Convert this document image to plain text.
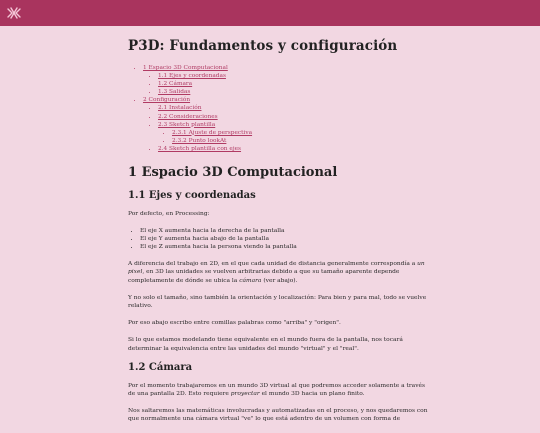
P3D: Fundamentos y configuración
• 1 Espacio 3D Computacional
• 1.1 Ejes y coordenadas
• 1.2 Cámara
• 1.3 Salidas
• 2 Configuración
• 2.1 Instalación
• 2.2 Consideraciones
• 2.3 Sketch plantilla
• 2.3.1 Ajuste de perspectiva
• 2.3.2 Punto lookAt
• 2.4 Sketch plantilla con ejes
1 Espacio 3D Computacional
1.1 Ejes y coordenadas

Por defecto, en Processing:

• El eje X aumenta hacia la derecha de la pantalla
• El eje Y aumenta hacia abajo de la pantalla
• El eje Z aumenta hacia la persona viendo la pantalla

A diferencia del trabajo en 2D, en el que cada unidad de distancia generalmente correspondía a un pixel, en 3D las unidades se vuelven arbitrarias debido a que su tamaño aparente depende completamente de dónde se ubica la cámara (ver abajo).

Y no solo el tamaño, sino también la orientación y localización: Para bien y para mal, todo se vuelve relativo.

Por eso abajo escribo entre comillas palabras como "arriba" y "origen".

Si lo que estamos modelando tiene equivalente en el mundo fuera de la pantalla, nos tocará determinar la equivalencia entre las unidades del mundo "virtual" y el "real".

1.2 Cámara

Por el momento trabajaremos en un mundo 3D virtual al que podremos acceder solamente a través de una pantalla 2D. Esto requiere proyectar el mundo 3D hacia un plano finito.

Nos saltaremos las matemáticas involucradas y automatizadas en el proceso, y nos quedaremos con que normalmente una cámara virtual "ve" lo que está adentro de un volumen con forma de
